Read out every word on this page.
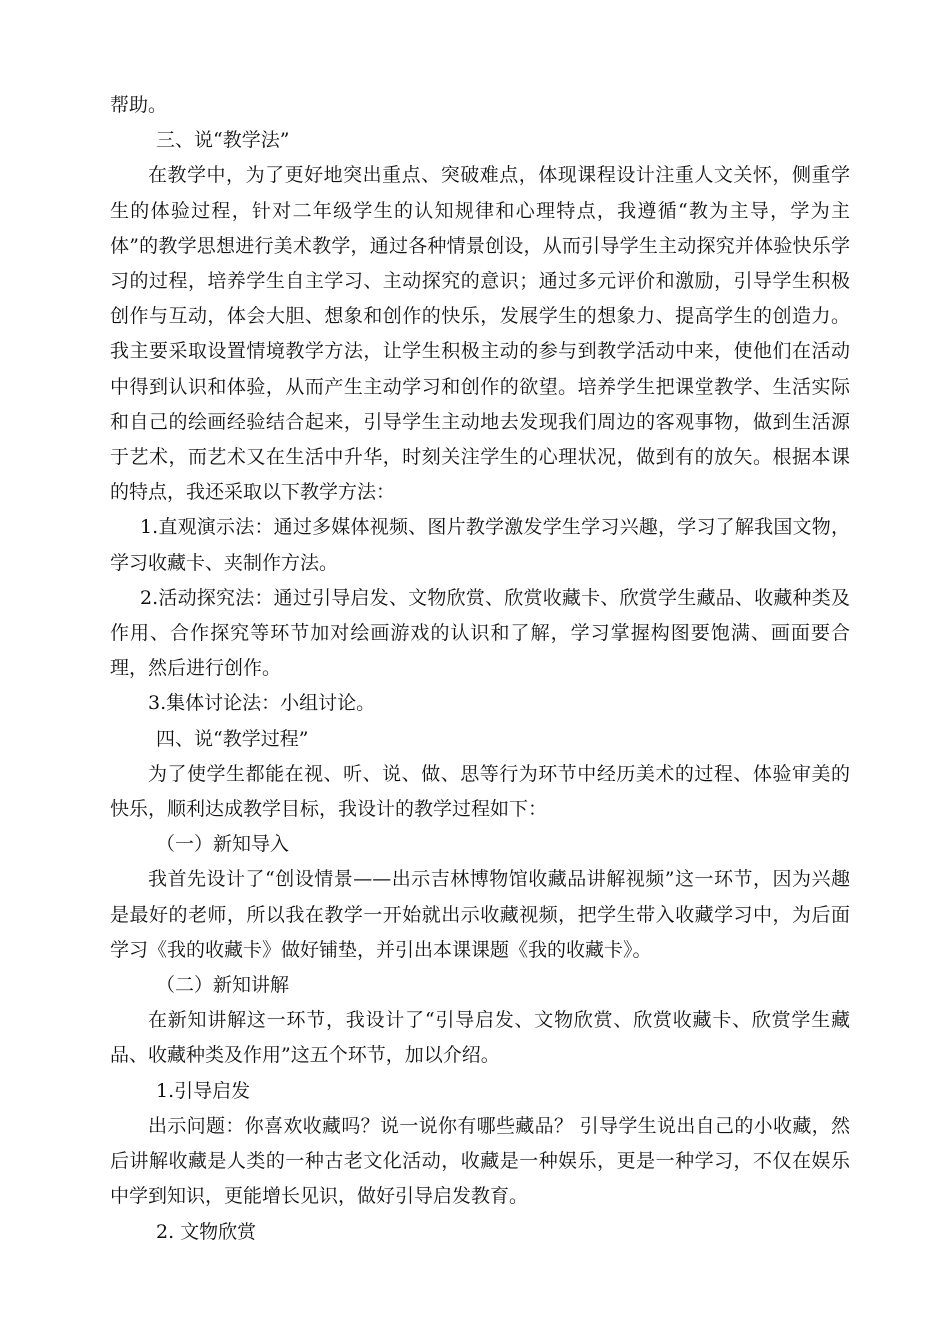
帮助。

三、说“教学法”

在教学中，为了更好地突出重点、突破难点，体现课程设计注重人文关怀，侧重学生的体验过程，针对二年级学生的认知规律和心理特点，我遵循“教为主导，学为主体”的教学思想进行美术教学，通过各种情景创设，从而引导学生主动探究并体验快乐学习的过程，培养学生自主学习、主动探究的意识；通过多元评价和激励，引导学生积极创作与互动，体会大胆、想象和创作的快乐，发展学生的想象力、提高学生的创造力。我主要采取设置情境教学方法，让学生积极主动的参与到教学活动中来，使他们在活动中得到认识和体验，从而产生主动学习和创作的欲望。培养学生把课堂教学、生活实际和自己的绘画经验结合起来，引导学生主动地去发现我们周边的客观事物，做到生活源于艺术，而艺术又在生活中升华，时刻关注学生的心理状况，做到有的放矢。根据本课的特点，我还采取以下教学方法：

1.直观演示法：通过多媒体视频、图片教学激发学生学习兴趣，学习了解我国文物，学习收藏卡、夹制作方法。

2.活动探究法：通过引导启发、文物欣赏、欣赏收藏卡、欣赏学生藏品、收藏种类及作用、合作探究等环节加对绘画游戏的认识和了解，学习掌握构图要饱满、画面要合理，然后进行创作。

3.集体讨论法：小组讨论。

四、说“教学过程”

为了使学生都能在视、听、说、做、思等行为环节中经历美术的过程、体验审美的快乐，顺利达成教学目标，我设计的教学过程如下：

（一）新知导入

我首先设计了“创设情景——出示吉林博物馆收藏品讲解视频”这一环节，因为兴趣是最好的老师，所以我在教学一开始就出示收藏视频，把学生带入收藏学习中，为后面学习《我的收藏卡》做好铺垫，并引出本课课题《我的收藏卡》。

（二）新知讲解

在新知讲解这一环节，我设计了“引导启发、文物欣赏、欣赏收藏卡、欣赏学生藏品、收藏种类及作用”这五个环节，加以介绍。

1.引导启发

出示问题：你喜欢收藏吗？说一说你有哪些藏品？ 引导学生说出自己的小收藏，然后讲解收藏是人类的一种古老文化活动，收藏是一种娱乐，更是一种学习，不仅在娱乐中学到知识，更能增长见识，做好引导启发教育。

2. 文物欣赏
